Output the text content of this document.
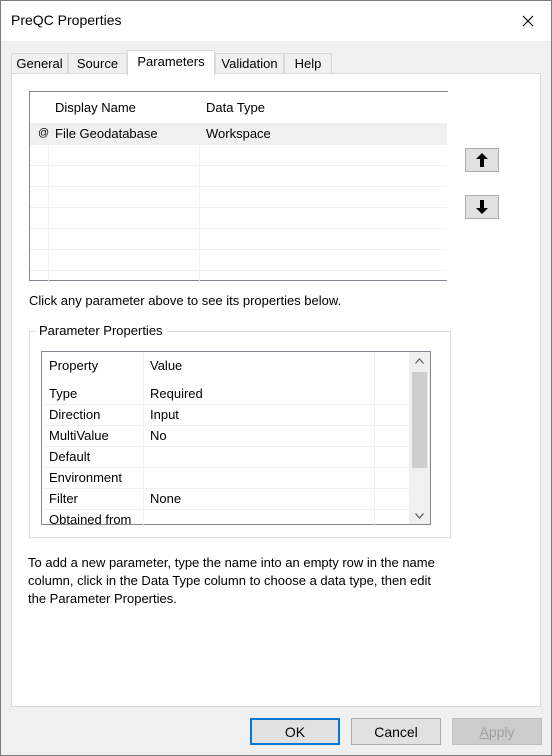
PreQC Properties
General	Source	Parameters	Validation	Help
Display Name	Data Type
@ File Geodatabase	Workspace
Click any parameter above to see its properties below.
Parameter Properties
Property	Value
Type	Required
Direction	Input
MultiValue	No
Default
Environment
Filter	None
Obtained from
To add a new parameter, type the name into an empty row in the name column, click in the Data Type column to choose a data type, then edit the Parameter Properties.
OK	Cancel	Apply
